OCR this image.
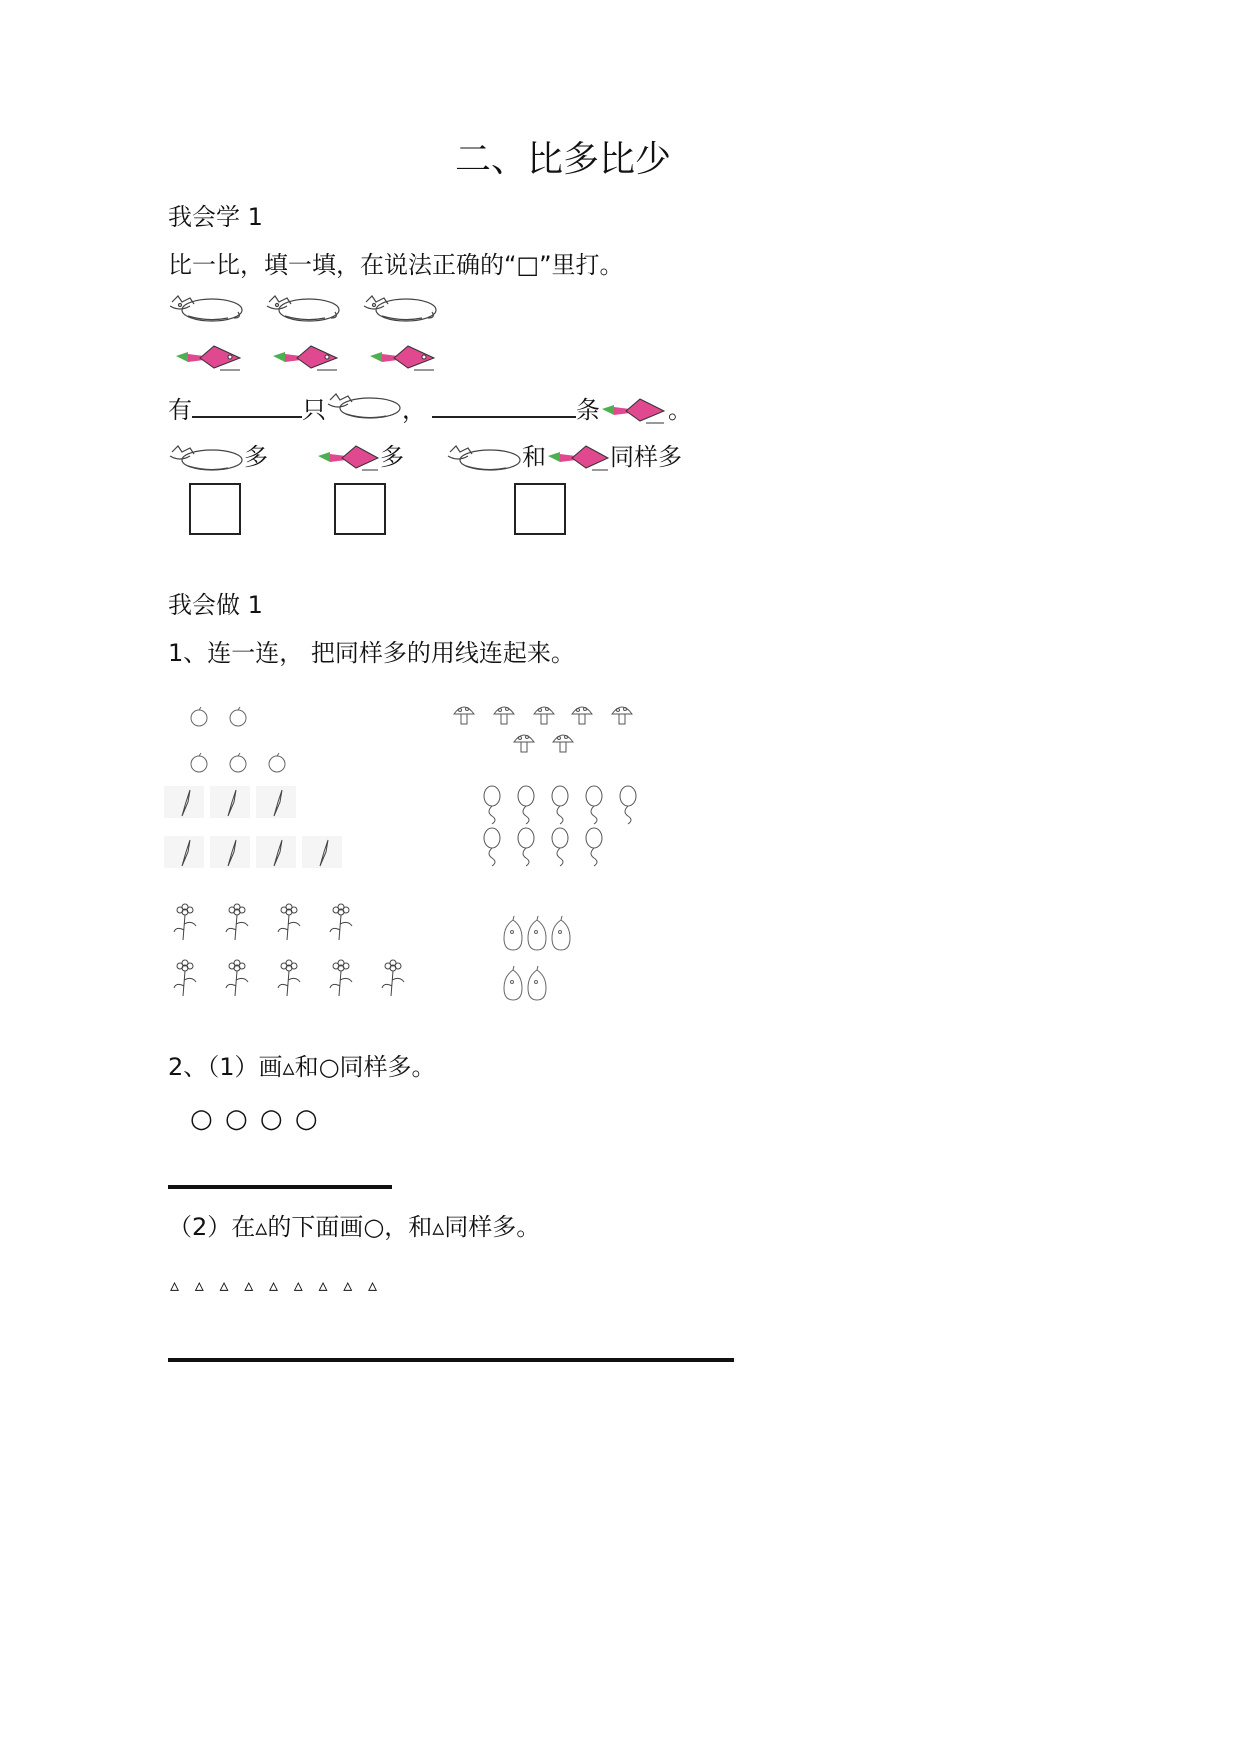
二、比多比少
我会学 1
比一比，填一填，在说法正确的“□”里打。
有	只	，	条	。
多	多	和	同样多
我会做 1
1、连一连， 把同样多的用线连起来。
2、（1）画▵和○同样多。
○ ○ ○ ○
（2）在▵的下面画○，和▵同样多。
▵ ▵ ▵ ▵ ▵ ▵ ▵ ▵ ▵
